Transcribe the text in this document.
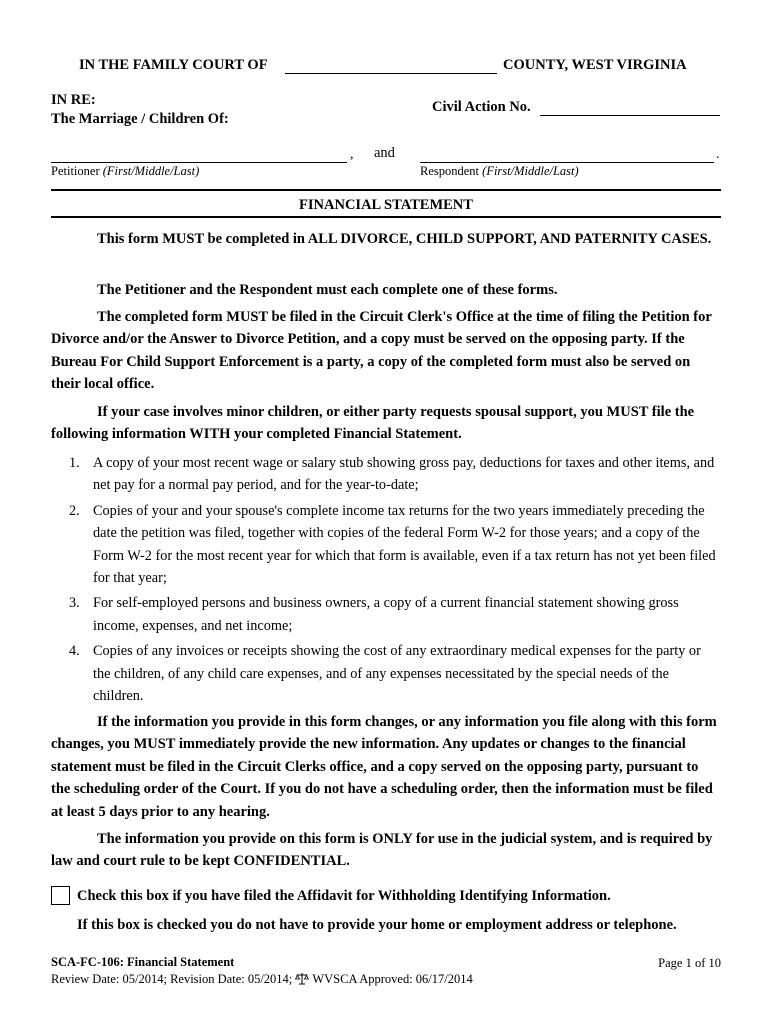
IN THE FAMILY COURT OF	COUNTY, WEST VIRGINIA
IN RE:
The Marriage / Children Of:
Civil Action No.
, and	.
Petitioner (First/Middle/Last)	Respondent (First/Middle/Last)
FINANCIAL STATEMENT

This form MUST be completed in ALL DIVORCE, CHILD SUPPORT, AND PATERNITY CASES.

The Petitioner and the Respondent must each complete one of these forms.

The completed form MUST be filed in the Circuit Clerk's Office at the time of filing the Petition for Divorce and/or the Answer to Divorce Petition, and a copy must be served on the opposing party. If the Bureau For Child Support Enforcement is a party, a copy of the completed form must also be served on their local office.

If your case involves minor children, or either party requests spousal support, you MUST file the following information WITH your completed Financial Statement.

1. A copy of your most recent wage or salary stub showing gross pay, deductions for taxes and other items, and net pay for a normal pay period, and for the year-to-date;
2. Copies of your and your spouse's complete income tax returns for the two years immediately preceding the date the petition was filed, together with copies of the federal Form W-2 for those years; and a copy of the Form W-2 for the most recent year for which that form is available, even if a tax return has not yet been filed for that year;
3. For self-employed persons and business owners, a copy of a current financial statement showing gross income, expenses, and net income;
4. Copies of any invoices or receipts showing the cost of any extraordinary medical expenses for the party or the children, of any child care expenses, and of any expenses necessitated by the special needs of the children.

If the information you provide in this form changes, or any information you file along with this form changes, you MUST immediately provide the new information. Any updates or changes to the financial statement must be filed in the Circuit Clerks office, and a copy served on the opposing party, pursuant to the scheduling order of the Court. If you do not have a scheduling order, then the information must be filed at least 5 days prior to any hearing.

The information you provide on this form is ONLY for use in the judicial system, and is required by law and court rule to be kept CONFIDENTIAL.

Check this box if you have filed the Affidavit for Withholding Identifying Information.
If this box is checked you do not have to provide your home or employment address or telephone.
SCA-FC-106: Financial Statement
Review Date: 05/2014; Revision Date: 05/2014; WVSCA Approved: 06/17/2014
Page 1 of 10
